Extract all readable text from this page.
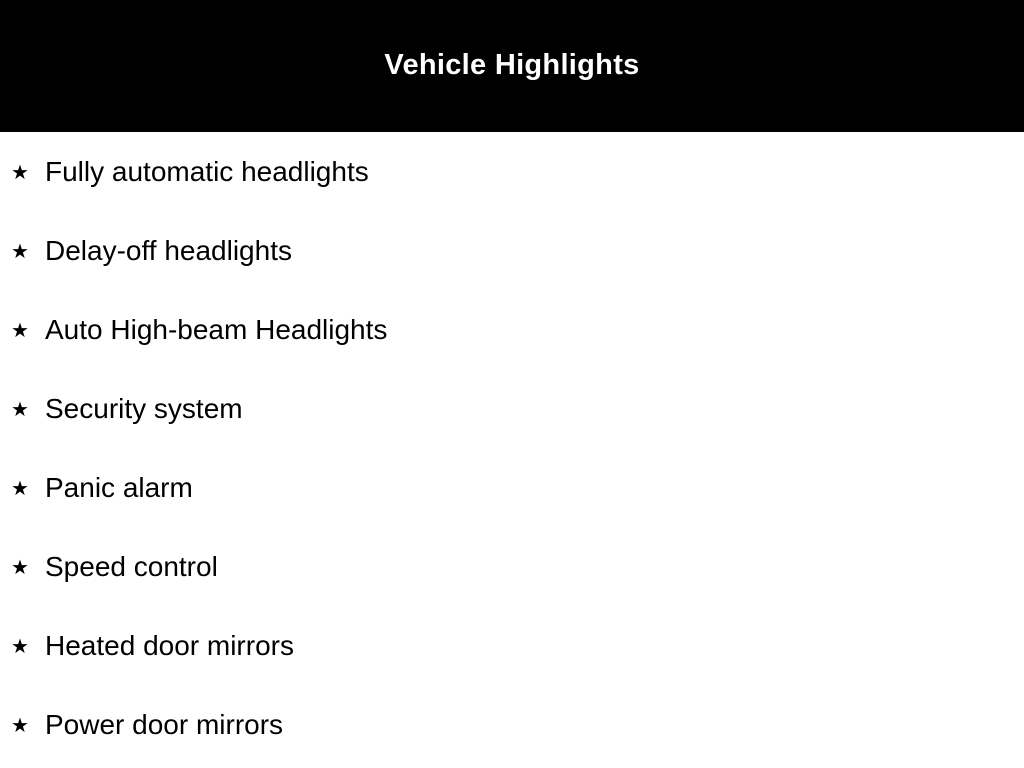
Vehicle Highlights
★ Fully automatic headlights
★ Delay-off headlights
★ Auto High-beam Headlights
★ Security system
★ Panic alarm
★ Speed control
★ Heated door mirrors
★ Power door mirrors
